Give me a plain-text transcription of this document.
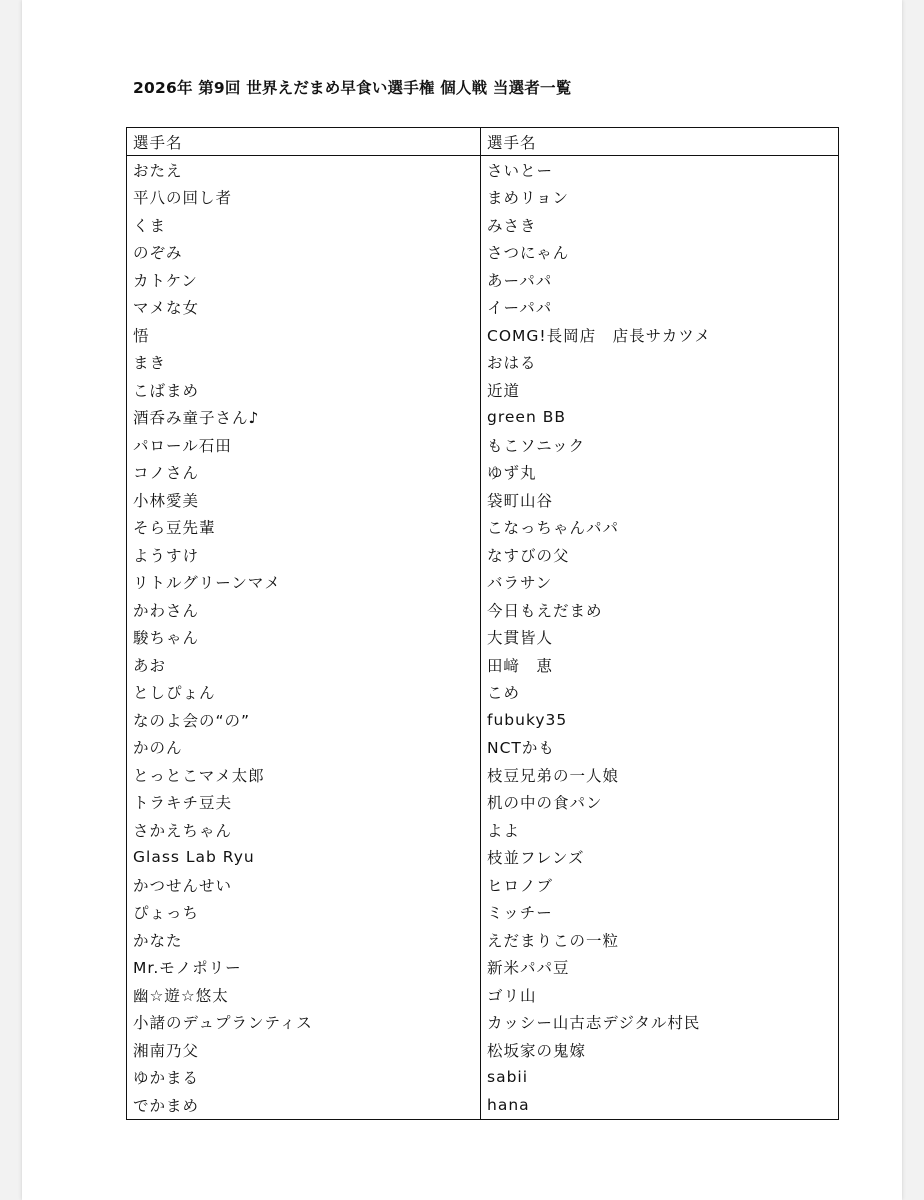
2026年 第9回 世界えだまめ早食い選手権 個人戦 当選者一覧
選手名	選手名
おたえ	さいとー
平八の回し者	まめリョン
くま	みさき
のぞみ	さつにゃん
カトケン	あーパパ
マメな女	イーパパ
悟	COMG!長岡店　店長サカツメ
まき	おはる
こばまめ	近道
酒呑み童子さん♪	green BB
パロール石田	もこソニック
コノさん	ゆず丸
小林愛美	袋町山谷
そら豆先輩	こなっちゃんパパ
ようすけ	なすびの父
リトルグリーンマメ	バラサン
かわさん	今日もえだまめ
駿ちゃん	大貫皆人
あお	田﨑　恵
としぴょん	こめ
なのよ会の“の”	fubuky35
かのん	NCTかも
とっとこマメ太郎	枝豆兄弟の一人娘
トラキチ豆夫	机の中の食パン
さかえちゃん	よよ
Glass Lab Ryu	枝並フレンズ
かつせんせい	ヒロノブ
ぴょっち	ミッチー
かなた	えだまりこの一粒
Mr.モノポリー	新米パパ豆
幽☆遊☆悠太	ゴリ山
小諸のデュプランティス	カッシー山古志デジタル村民
湘南乃父	松坂家の鬼嫁
ゆかまる	sabii
でかまめ	hana
